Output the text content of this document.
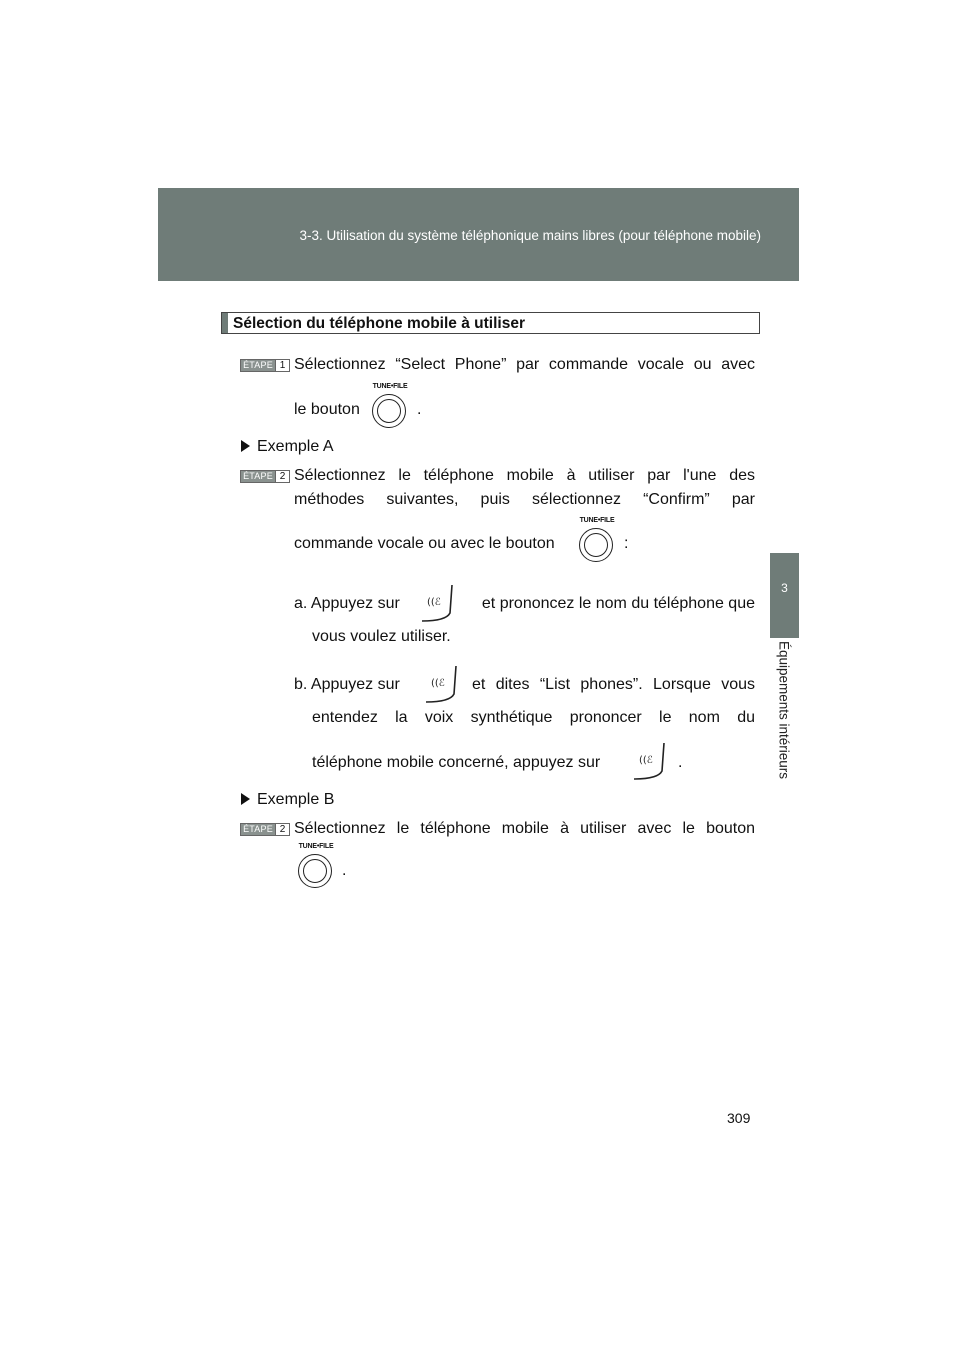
3-3. Utilisation du système téléphonique mains libres (pour téléphone mobile)
3
Équipements intérieurs
Sélection du téléphone mobile à utiliser
ÉTAPE 1 Sélectionnez “Select Phone” par commande vocale ou avec
le bouton
TUNE•FILE
.
Exemple A
ÉTAPE 2 Sélectionnez le téléphone mobile à utiliser par l'une des
méthodes suivantes, puis sélectionnez “Confirm” par
commande vocale ou avec le bouton
TUNE•FILE
:
a. Appuyez sur	((ℰ	et prononcez le nom du téléphone que
vous voulez utiliser.
b. Appuyez sur	((ℰ et dites “List phones”. Lorsque vous
entendez la voix synthétique prononcer le nom du
téléphone mobile concerné, appuyez sur	((ℰ .
Exemple B
ÉTAPE 2 Sélectionnez le téléphone mobile à utiliser avec le bouton
TUNE•FILE
.
309
